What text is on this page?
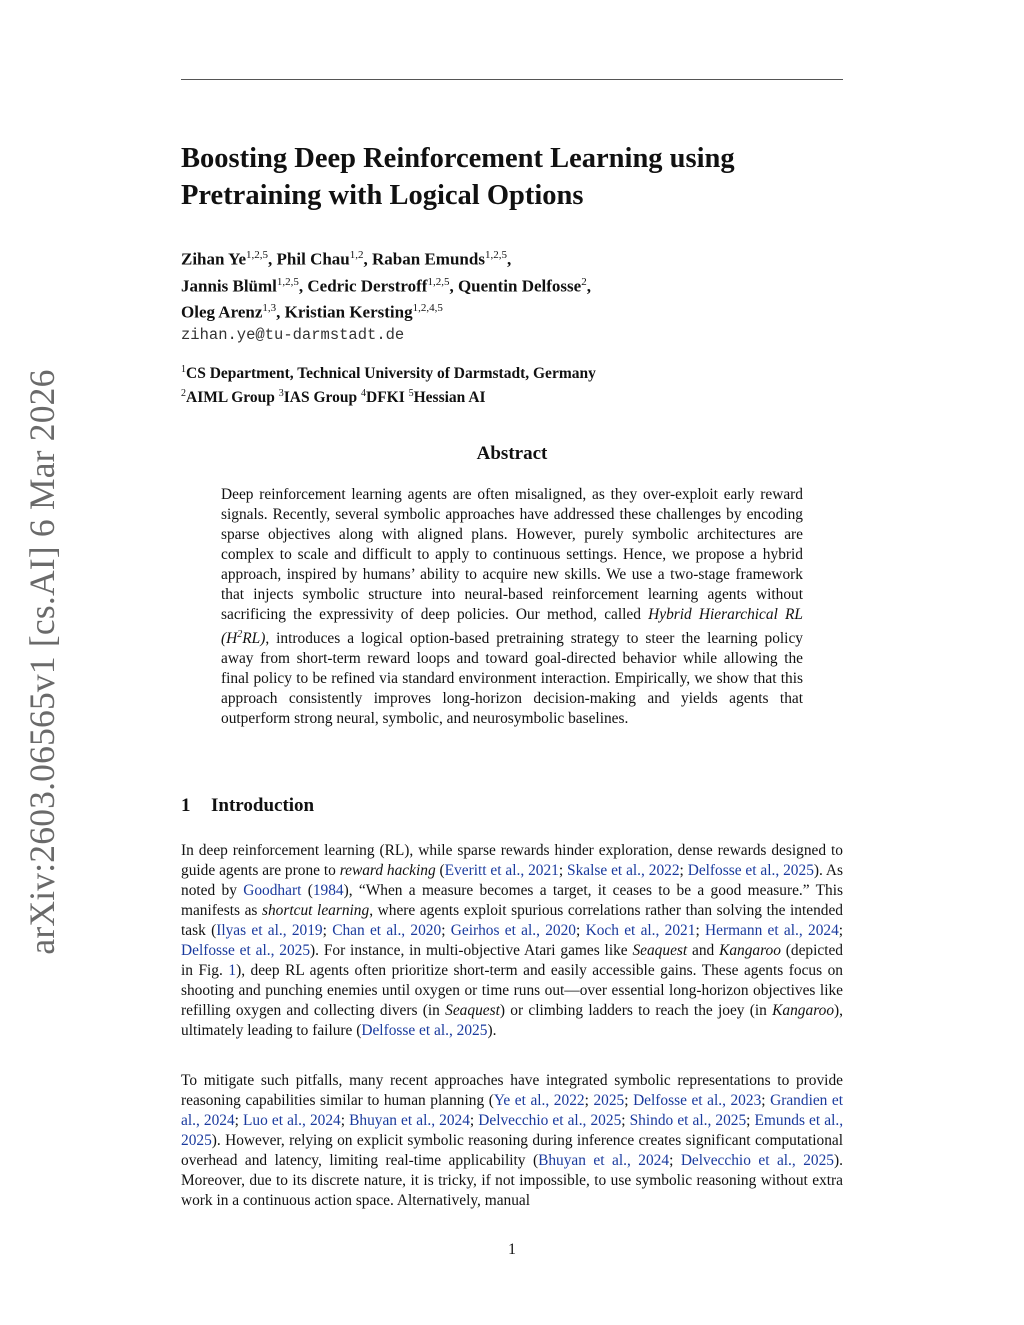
arXiv:2603.06565v1 [cs.AI] 6 Mar 2026
Boosting Deep Reinforcement Learning using Pretraining with Logical Options
Zihan Ye$^{1,2,5}$, Phil Chau$^{1,2}$, Raban Emunds$^{1,2,5}$,
Jannis Blüml$^{1,2,5}$, Cedric Derstroff$^{1,2,5}$, Quentin Delfosse$^2$,
Oleg Arenz$^{1,3}$, Kristian Kersting$^{1,2,4,5}$
zihan.ye@tu-darmstadt.de
$^1$CS Department, Technical University of Darmstadt, Germany
$^2$AIML Group $^3$IAS Group $^4$DFKI $^5$Hessian AI
Abstract

Deep reinforcement learning agents are often misaligned, as they over-exploit early reward signals. Recently, several symbolic approaches have addressed these challenges by encoding sparse objectives along with aligned plans. However, purely symbolic architectures are complex to scale and difficult to apply to continuous settings. Hence, we propose a hybrid approach, inspired by humans’ ability to acquire new skills. We use a two-stage framework that injects symbolic structure into neural-based reinforcement learning agents without sacrificing the expressivity of deep policies. Our method, called Hybrid Hierarchical RL $(H^2RL)$, introduces a logical option-based pretraining strategy to steer the learning policy away from short-term reward loops and toward goal-directed behavior while allowing the final policy to be refined via standard environment interaction. Empirically, we show that this approach consistently improves long-horizon decision-making and yields agents that outperform strong neural, symbolic, and neurosymbolic baselines.

1 Introduction

In deep reinforcement learning (RL), while sparse rewards hinder exploration, dense rewards designed to guide agents are prone to reward hacking (Everitt et al., 2021; Skalse et al., 2022; Delfosse et al., 2025). As noted by Goodhart (1984), “When a measure becomes a target, it ceases to be a good measure.” This manifests as shortcut learning, where agents exploit spurious correlations rather than solving the intended task (Ilyas et al., 2019; Chan et al., 2020; Geirhos et al., 2020; Koch et al., 2021; Hermann et al., 2024; Delfosse et al., 2025). For instance, in multi-objective Atari games like Seaquest and Kangaroo (depicted in Fig. 1), deep RL agents often prioritize short-term and easily accessible gains. These agents focus on shooting and punching enemies until oxygen or time runs out—over essential long-horizon objectives like refilling oxygen and collecting divers (in Seaquest) or climbing ladders to reach the joey (in Kangaroo), ultimately leading to failure (Delfosse et al., 2025).

To mitigate such pitfalls, many recent approaches have integrated symbolic representations to provide reasoning capabilities similar to human planning (Ye et al., 2022; 2025; Delfosse et al., 2023; Grandien et al., 2024; Luo et al., 2024; Bhuyan et al., 2024; Delvecchio et al., 2025; Shindo et al., 2025; Emunds et al., 2025). However, relying on explicit symbolic reasoning during inference creates significant computational overhead and latency, limiting real-time applicability (Bhuyan et al., 2024; Delvecchio et al., 2025). Moreover, due to its discrete nature, it is tricky, if not impossible, to use symbolic reasoning without extra work in a continuous action space. Alternatively, manual

1
